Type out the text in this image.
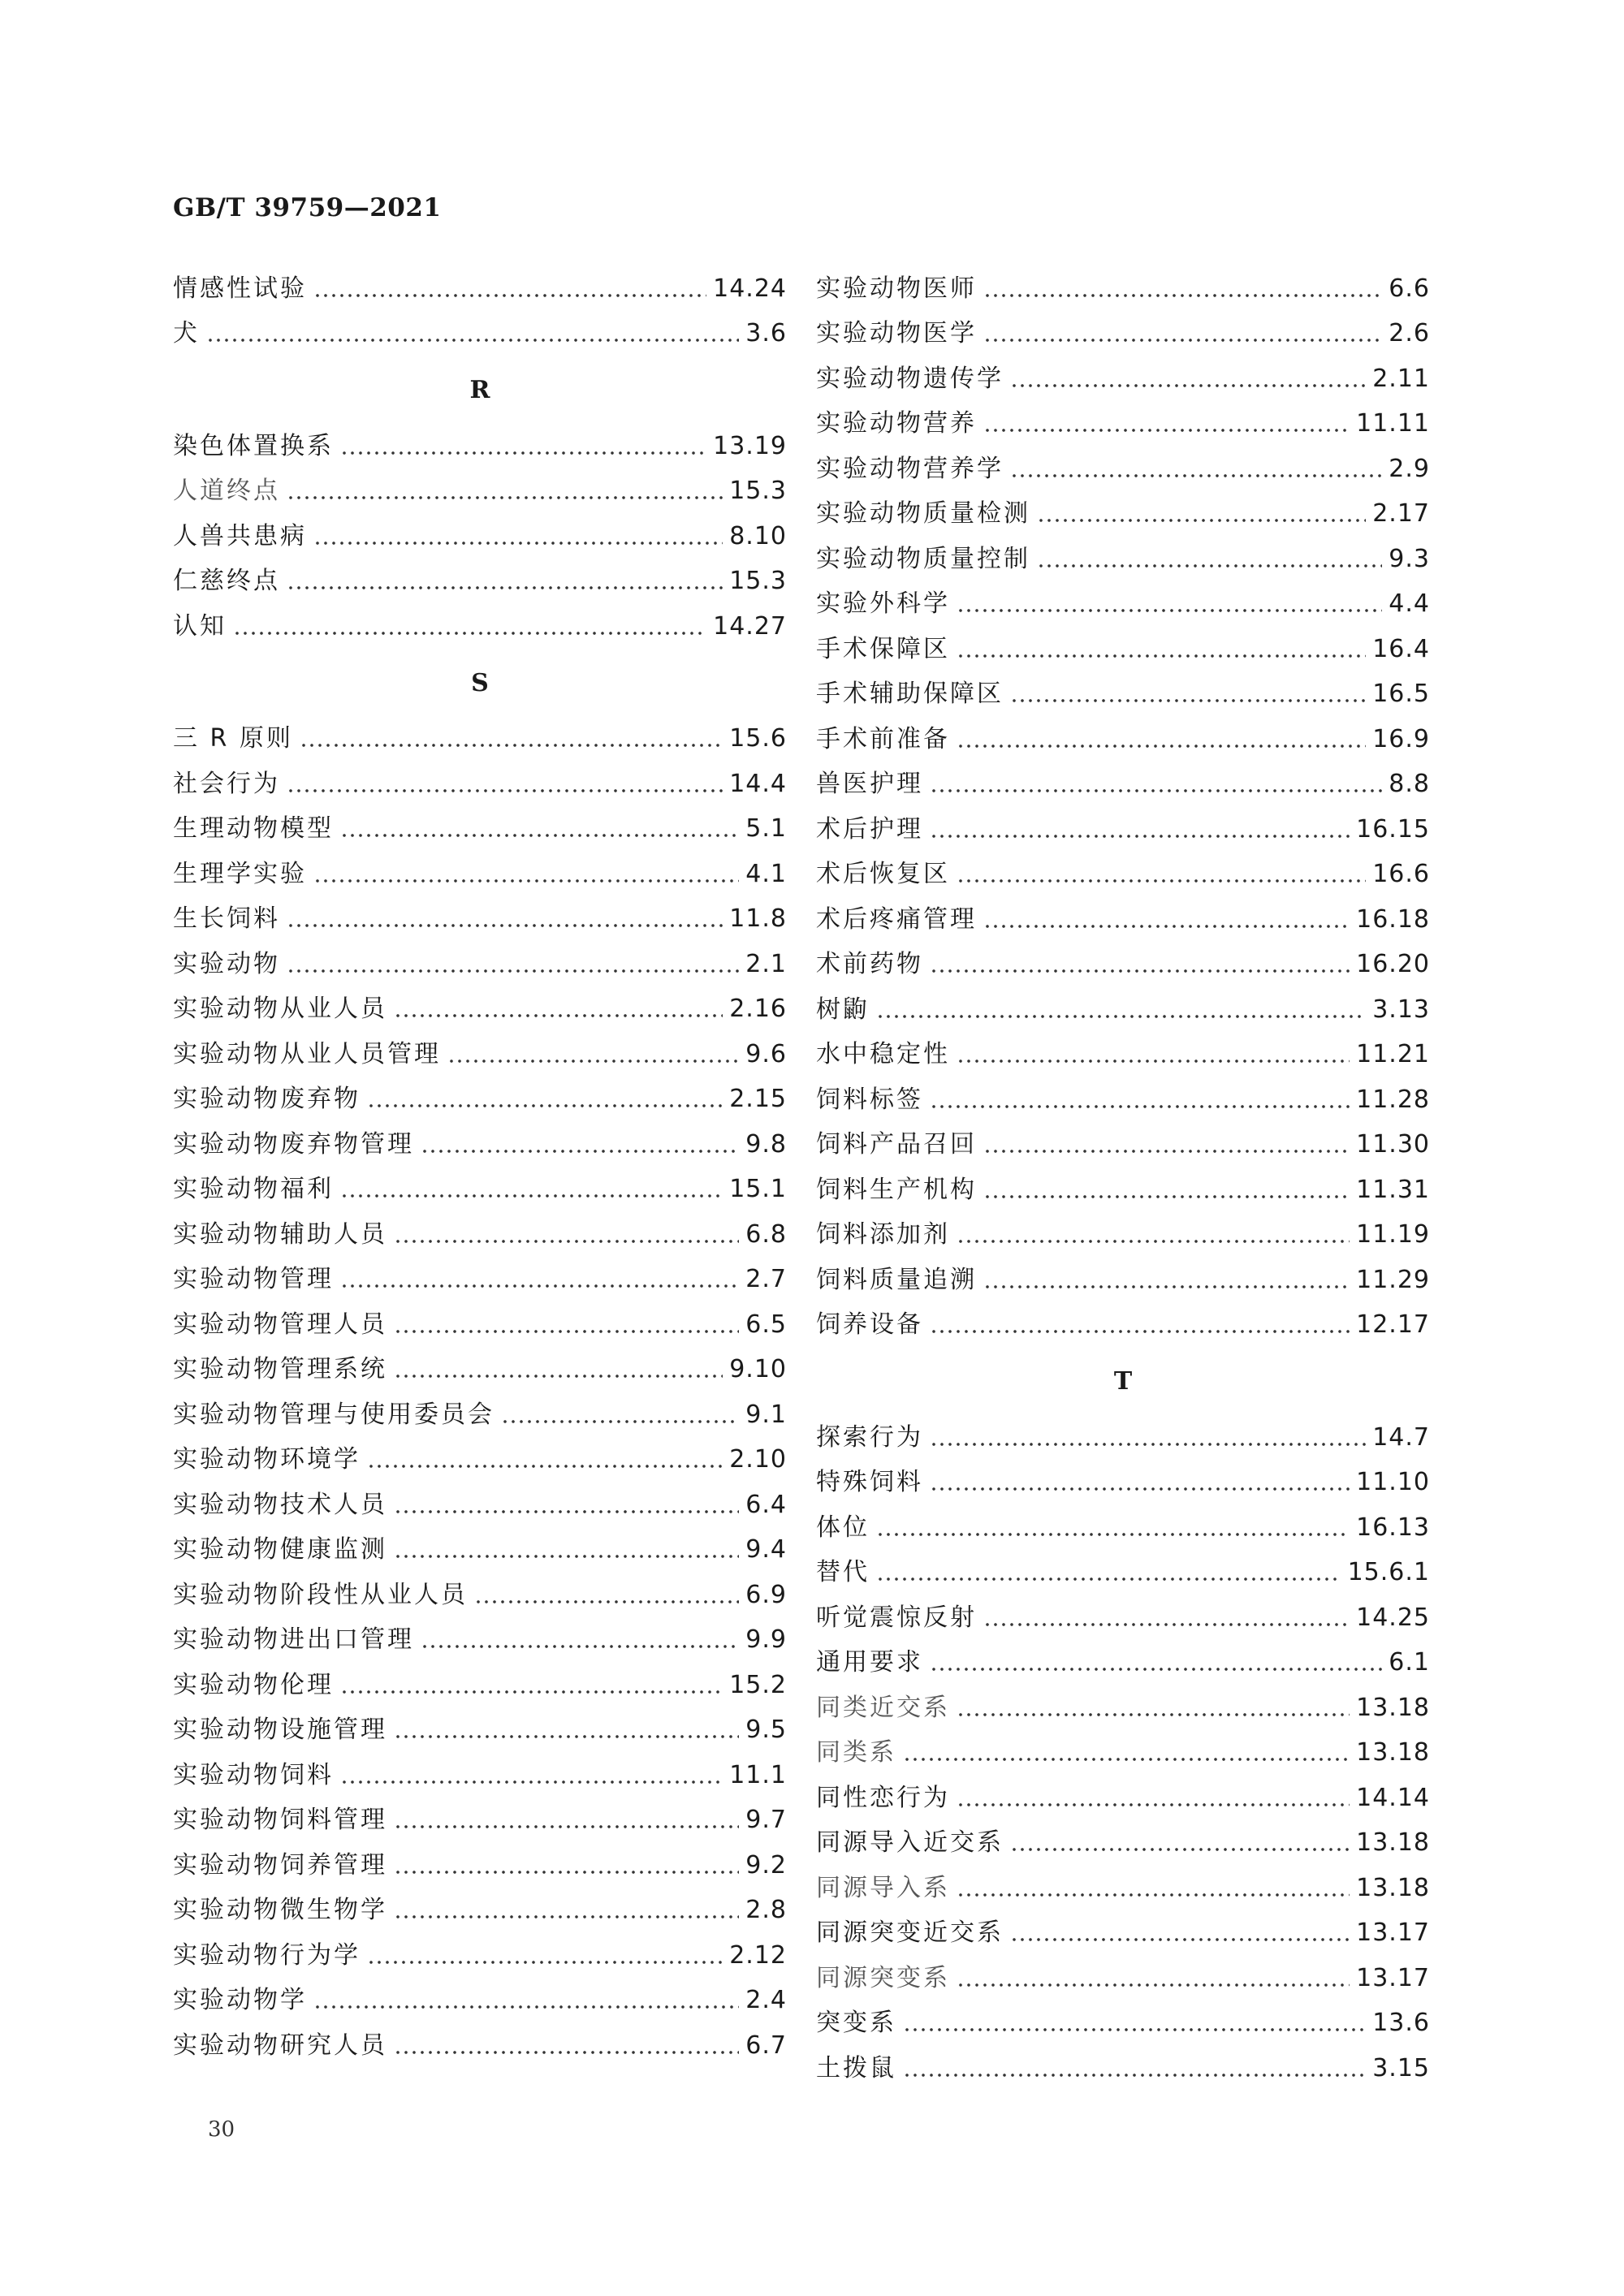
GB/T 39759—2021
情感性试验	14.24
犬	3.6
R
染色体置换系	13.19
人道终点	15.3
人兽共患病	8.10
仁慈终点	15.3
认知	14.27
S
三 R 原则	15.6
社会行为	14.4
生理动物模型	5.1
生理学实验	4.1
生长饲料	11.8
实验动物	2.1
实验动物从业人员	2.16
实验动物从业人员管理	9.6
实验动物废弃物	2.15
实验动物废弃物管理	9.8
实验动物福利	15.1
实验动物辅助人员	6.8
实验动物管理	2.7
实验动物管理人员	6.5
实验动物管理系统	9.10
实验动物管理与使用委员会	9.1
实验动物环境学	2.10
实验动物技术人员	6.4
实验动物健康监测	9.4
实验动物阶段性从业人员	6.9
实验动物进出口管理	9.9
实验动物伦理	15.2
实验动物设施管理	9.5
实验动物饲料	11.1
实验动物饲料管理	9.7
实验动物饲养管理	9.2
实验动物微生物学	2.8
实验动物行为学	2.12
实验动物学	2.4
实验动物研究人员	6.7
实验动物医师	6.6
实验动物医学	2.6
实验动物遗传学	2.11
实验动物营养	11.11
实验动物营养学	2.9
实验动物质量检测	2.17
实验动物质量控制	9.3
实验外科学	4.4
手术保障区	16.4
手术辅助保障区	16.5
手术前准备	16.9
兽医护理	8.8
术后护理	16.15
术后恢复区	16.6
术后疼痛管理	16.18
术前药物	16.20
树鼩	3.13
水中稳定性	11.21
饲料标签	11.28
饲料产品召回	11.30
饲料生产机构	11.31
饲料添加剂	11.19
饲料质量追溯	11.29
饲养设备	12.17
T
探索行为	14.7
特殊饲料	11.10
体位	16.13
替代	15.6.1
听觉震惊反射	14.25
通用要求	6.1
同类近交系	13.18
同类系	13.18
同性恋行为	14.14
同源导入近交系	13.18
同源导入系	13.18
同源突变近交系	13.17
同源突变系	13.17
突变系	13.6
土拨鼠	3.15
30
